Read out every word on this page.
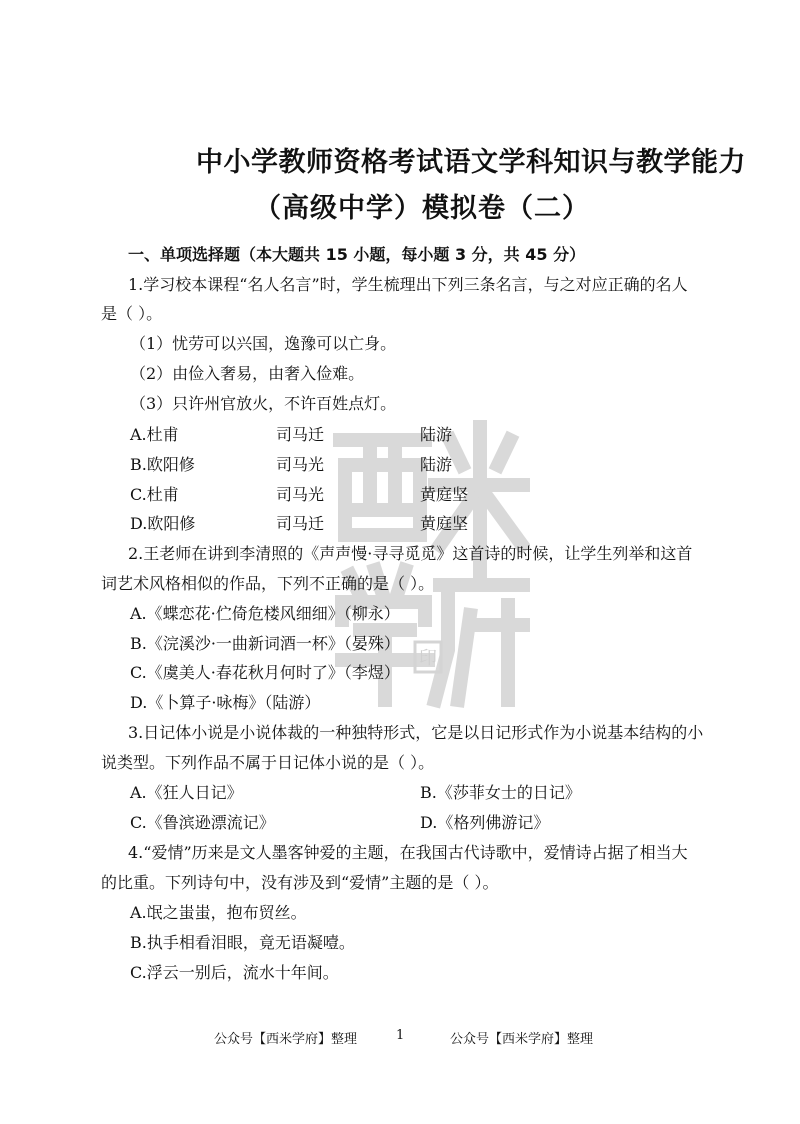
印
中小学教师资格考试语文学科知识与教学能力
（高级中学）模拟卷（二）
一、单项选择题（本大题共 15 小题，每小题 3 分，共 45 分）
1.学习校本课程“名人名言”时，学生梳理出下列三条名言，与之对应正确的名人
是（ ）。
（1）忧劳可以兴国，逸豫可以亡身。
（2）由俭入奢易，由奢入俭难。
（3）只许州官放火，不许百姓点灯。
A.杜甫	司马迁	陆游
B.欧阳修	司马光	陆游
C.杜甫	司马光	黄庭坚
D.欧阳修	司马迁	黄庭坚
2.王老师在讲到李清照的《声声慢·寻寻觅觅》这首诗的时候，让学生列举和这首
词艺术风格相似的作品，下列不正确的是（ ）。
A.《蝶恋花·伫倚危楼风细细》（柳永）
B.《浣溪沙·一曲新词酒一杯》（晏殊）
C.《虞美人·春花秋月何时了》（李煜）
D.《卜算子·咏梅》（陆游）
3.日记体小说是小说体裁的一种独特形式，它是以日记形式作为小说基本结构的小
说类型。下列作品不属于日记体小说的是（ ）。
A.《狂人日记》	B.《莎菲女士的日记》
C.《鲁滨逊漂流记》	D.《格列佛游记》
4.“爱情”历来是文人墨客钟爱的主题，在我国古代诗歌中，爱情诗占据了相当大
的比重。下列诗句中，没有涉及到“爱情”主题的是（ ）。
A.氓之蚩蚩，抱布贸丝。
B.执手相看泪眼，竟无语凝噎。
C.浮云一别后，流水十年间。
公众号【西米学府】整理	1	公众号【西米学府】整理
